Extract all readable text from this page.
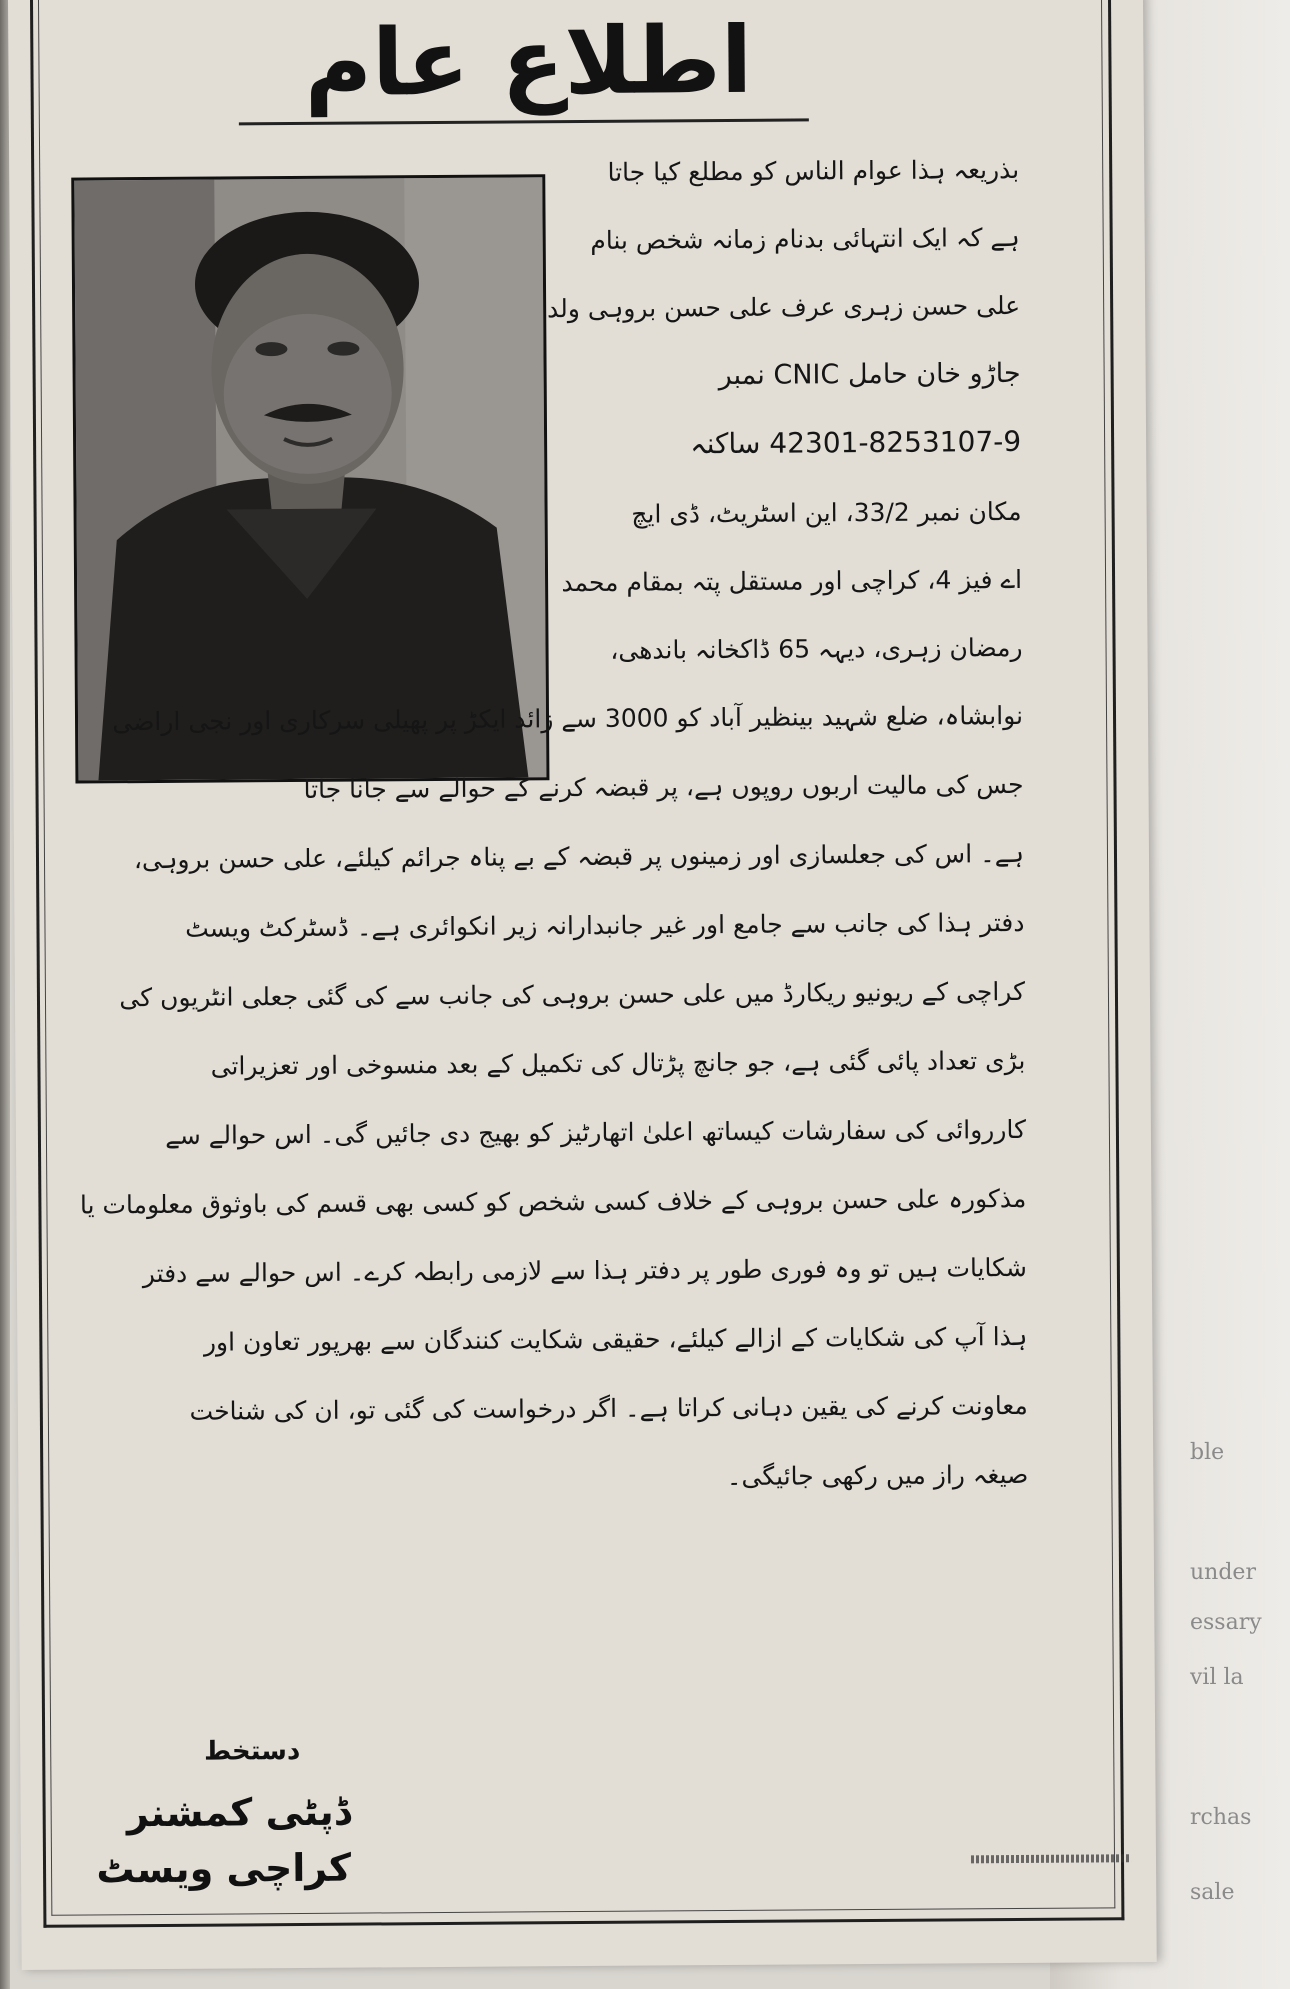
ble
under
essary
vil la
rchas
sale
اطلاع عام
بذریعہ ہذا عوام الناس کو مطلع کیا جاتا
ہے کہ ایک انتہائی بدنام زمانہ شخص بنام
علی حسن زہری عرف علی حسن بروہی ولد
جاڑو خان حامل CNIC نمبر
42301-8253107-9 ساکنہ
مکان نمبر 33/2، این اسٹریٹ، ڈی ایچ
اے فیز 4، کراچی اور مستقل پتہ بمقام محمد
رمضان زہری، دیہہ 65 ڈاکخانہ باندھی،
نوابشاہ، ضلع شہید بینظیر آباد کو 3000 سے زائد ایکڑ پر پھیلی سرکاری اور نجی اراضی
جس کی مالیت اربوں روپوں ہے، پر قبضہ کرنے کے حوالے سے جانا جاتا
ہے۔ اس کی جعلسازی اور زمینوں پر قبضہ کے بے پناہ جرائم کیلئے، علی حسن بروہی،
دفتر ہذا کی جانب سے جامع اور غیر جانبدارانہ زیر انکوائری ہے۔ ڈسٹرکٹ ویسٹ
کراچی کے ریونیو ریکارڈ میں علی حسن بروہی کی جانب سے کی گئی جعلی انٹریوں کی
بڑی تعداد پائی گئی ہے، جو جانچ پڑتال کی تکمیل کے بعد منسوخی اور تعزیراتی
کارروائی کی سفارشات کیساتھ اعلیٰ اتھارٹیز کو بھیج دی جائیں گی۔ اس حوالے سے
مذکورہ علی حسن بروہی کے خلاف کسی شخص کو کسی بھی قسم کی باوثوق معلومات یا
شکایات ہیں تو وہ فوری طور پر دفتر ہذا سے لازمی رابطہ کرے۔ اس حوالے سے دفتر
ہذا آپ کی شکایات کے ازالے کیلئے، حقیقی شکایت کنندگان سے بھرپور تعاون اور
معاونت کرنے کی یقین دہانی کراتا ہے۔ اگر درخواست کی گئی تو، ان کی شناخت
صیغہ راز میں رکھی جائیگی۔
دستخط
ڈپٹی کمشنر
کراچی ویسٹ
